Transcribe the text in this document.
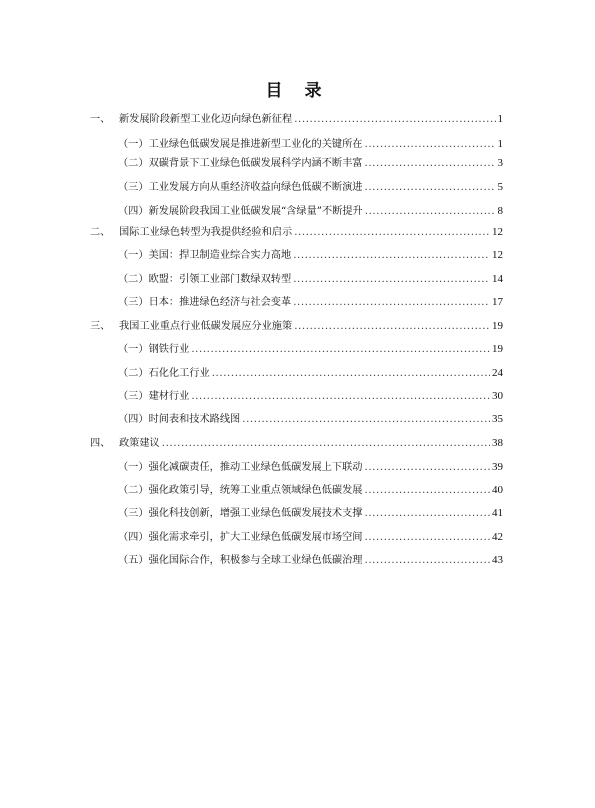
目 录
一、 新发展阶段新型工业化迈向绿色新征程 .....	1
（一） 工业绿色低碳发展是推进新型工业化的关键所在 .....	1
（二） 双碳背景下工业绿色低碳发展科学内涵不断丰富 .....	3
（三） 工业发展方向从重经济收益向绿色低碳不断演进 .....	5
（四） 新发展阶段我国工业低碳发展“含绿量”不断提升 .....	8
二、 国际工业绿色转型为我提供经验和启示 .....	12
（一） 美国：捍卫制造业综合实力高地 .....	12
（二） 欧盟：引领工业部门数绿双转型 .....	14
（三） 日本：推进绿色经济与社会变革 .....	17
三、 我国工业重点行业低碳发展应分业施策 .....	19
（一） 钢铁行业 .....	19
（二） 石化化工行业 .....	24
（三） 建材行业 .....	30
（四） 时间表和技术路线图 .....	35
四、 政策建议 .....	38
（一） 强化减碳责任，推动工业绿色低碳发展上下联动 .....	39
（二） 强化政策引导，统筹工业重点领域绿色低碳发展 .....	40
（三） 强化科技创新，增强工业绿色低碳发展技术支撑 .....	41
（四） 强化需求牵引，扩大工业绿色低碳发展市场空间 .....	42
（五） 强化国际合作，积极参与全球工业绿色低碳治理 .....	43
